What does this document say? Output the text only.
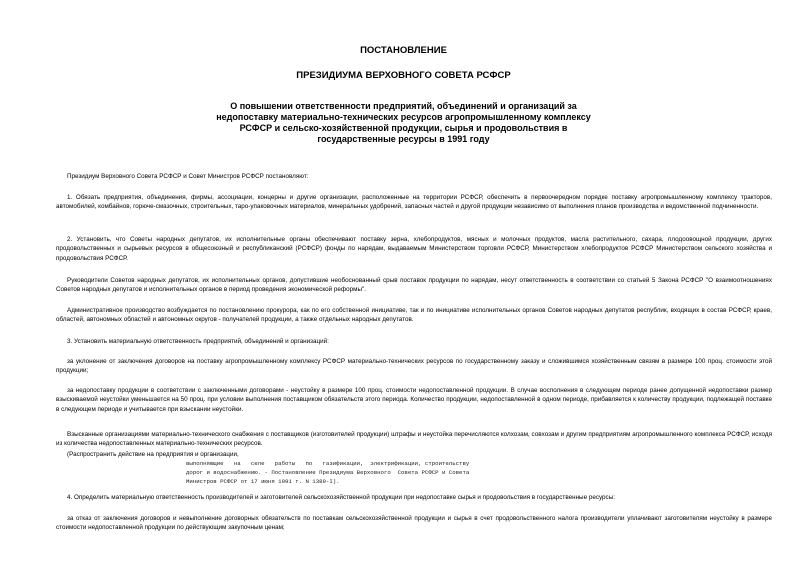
ПОСТАНОВЛЕНИЕ
ПРЕЗИДИУМА ВЕРХОВНОГО СОВЕТА РСФСР
О повышении ответственности предприятий, объединений и организаций за недопоставку материально-технических ресурсов агропромышленному комплексу РСФСР и сельско-хозяйственной продукции, сырья и продовольствия в государственные ресурсы в 1991 году
Президиум Верховного Совета РСФСР и Совет Министров РСФСР постановляют:
1. Обязать предприятия, объединения, фирмы, ассоциации, концерны и другие организации, расположенные на территории РСФСР, обеспечить в первоочередном порядке поставку агропромышленному комплексу тракторов, автомобилей, комбайнов, горюче-смазочных, строительных, таро-упаковочных материалов, минеральных удобрений, запасных частей и другой продукции независимо от выполнения планов производства и ведомственной подчиненности.
2. Установить, что Советы народных депутатов, их исполнительные органы обеспечивают поставку зерна, хлебопродуктов, мясных и молочных продуктов, масла растительного, сахара, плодоовощной продукции, других продовольственных и сырьевых ресурсов в общесоюзный и республиканский (РСФСР) фонды по нарядам, выдаваемым Министерством торговли РСФСР, Министерством хлебопродуктов РСФСР Министерством сельского хозяйства и продовольствия РСФСР.
Руководители Советов народных депутатов, их исполнительных органов, допустившие необоснованный срыв поставок продукции по нарядам, несут ответственность в соответствии со статьей 5 Закона РСФСР "О взаимоотношениях Советов народных депутатов и исполнительных органов в период проведения экономической реформы".
Административное производство возбуждается по постановлению прокурора, как по его собственной инициативе, так и по инициативе исполнительных органов Советов народных депутатов республик, входящих в состав РСФСР, краев, областей, автономных областей и автономных округов - получателей продукции, а также отдельных народных депутатов.
3. Установить материальную ответственность предприятий, объединений и организаций:
за уклонение от заключения договоров на поставку агропромышленному комплексу РСФСР материально-технических ресурсов по государственному заказу и сложившимся хозяйственным связям в размере 100 проц. стоимости этой продукции;
за недопоставку продукции в соответствии с заключенными договорами - неустойку в размере 100 проц. стоимости недопоставленной продукции. В случае восполнения в следующем периоде ранее допущенной недопоставки размер взыскиваемой неустойки уменьшается на 50 проц. при условии выполнения поставщиком обязательств этого периода. Количество продукции, недопоставленной в одном периоде, прибавляется к количеству продукции, подлежащей поставке в следующем периоде и учитывается при взыскании неустойки.
Взысканные организациями материально-технического снабжения с поставщиков (изготовителей продукции) штрафы и неустойка перечисляются колхозам, совхозам и другим предприятиям агропромышленного комплекса РСФСР, исходя из количества недопоставленных материально-технических ресурсов.
(Распространить действие на предприятия и организации,
выполняющие   на   селе   работы   по   газификации,  электрификации, строительству дорог и водоснабжению. - Постановление Президиума Верховного  Совета РСФСР и Совета Министров РСФСР от 17 июня 1991 г. N 1389-I).
4. Определить материальную ответственность производителей и заготовителей сельскохозяйственной продукции при недопоставке сырья и продовольствия в государственные ресурсы:
за отказ от заключения договоров и невыполнение договорных обязательств по поставкам сельскохозяйственной продукции и сырья в счет продовольственного налога производители уплачивают заготовителям неустойку в размере стоимости недопоставленной продукции по действующим закупочным ценам;
